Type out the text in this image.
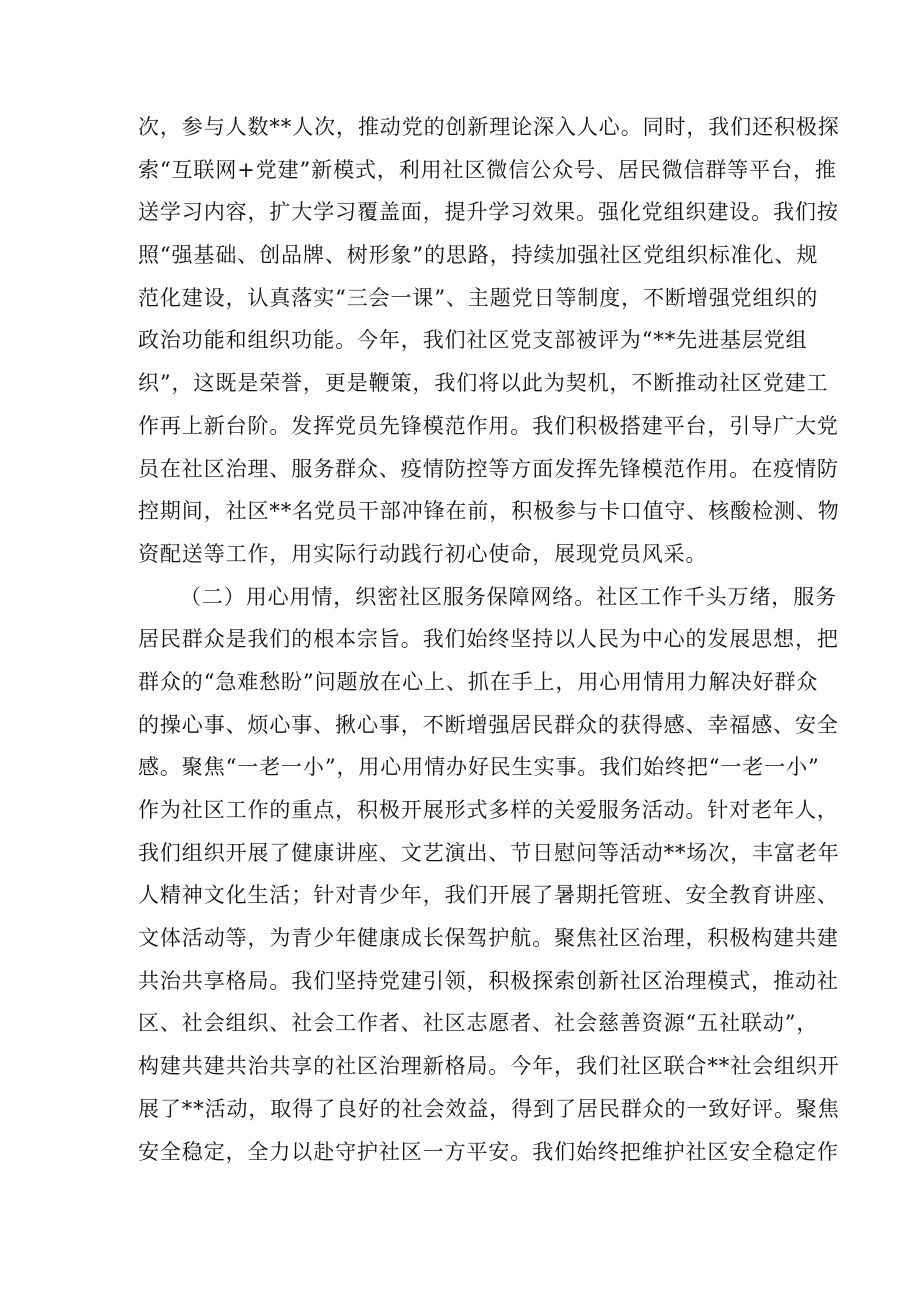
次，参与人数**人次，推动党的创新理论深入人心。同时，我们还积极探
索“互联网+党建”新模式，利用社区微信公众号、居民微信群等平台，推
送学习内容，扩大学习覆盖面，提升学习效果。强化党组织建设。我们按
照“强基础、创品牌、树形象”的思路，持续加强社区党组织标准化、规
范化建设，认真落实“三会一课”、主题党日等制度，不断增强党组织的
政治功能和组织功能。今年，我们社区党支部被评为“**先进基层党组
织”，这既是荣誉，更是鞭策，我们将以此为契机，不断推动社区党建工
作再上新台阶。发挥党员先锋模范作用。我们积极搭建平台，引导广大党
员在社区治理、服务群众、疫情防控等方面发挥先锋模范作用。在疫情防
控期间，社区**名党员干部冲锋在前，积极参与卡口值守、核酸检测、物
资配送等工作，用实际行动践行初心使命，展现党员风采。
（二）用心用情，织密社区服务保障网络。社区工作千头万绪，服务
居民群众是我们的根本宗旨。我们始终坚持以人民为中心的发展思想，把
群众的“急难愁盼”问题放在心上、抓在手上，用心用情用力解决好群众
的操心事、烦心事、揪心事，不断增强居民群众的获得感、幸福感、安全
感。聚焦“一老一小”，用心用情办好民生实事。我们始终把“一老一小”
作为社区工作的重点，积极开展形式多样的关爱服务活动。针对老年人，
我们组织开展了健康讲座、文艺演出、节日慰问等活动**场次，丰富老年
人精神文化生活；针对青少年，我们开展了暑期托管班、安全教育讲座、
文体活动等，为青少年健康成长保驾护航。聚焦社区治理，积极构建共建
共治共享格局。我们坚持党建引领，积极探索创新社区治理模式，推动社
区、社会组织、社会工作者、社区志愿者、社会慈善资源“五社联动”，
构建共建共治共享的社区治理新格局。今年，我们社区联合**社会组织开
展了**活动，取得了良好的社会效益，得到了居民群众的一致好评。聚焦
安全稳定，全力以赴守护社区一方平安。我们始终把维护社区安全稳定作
